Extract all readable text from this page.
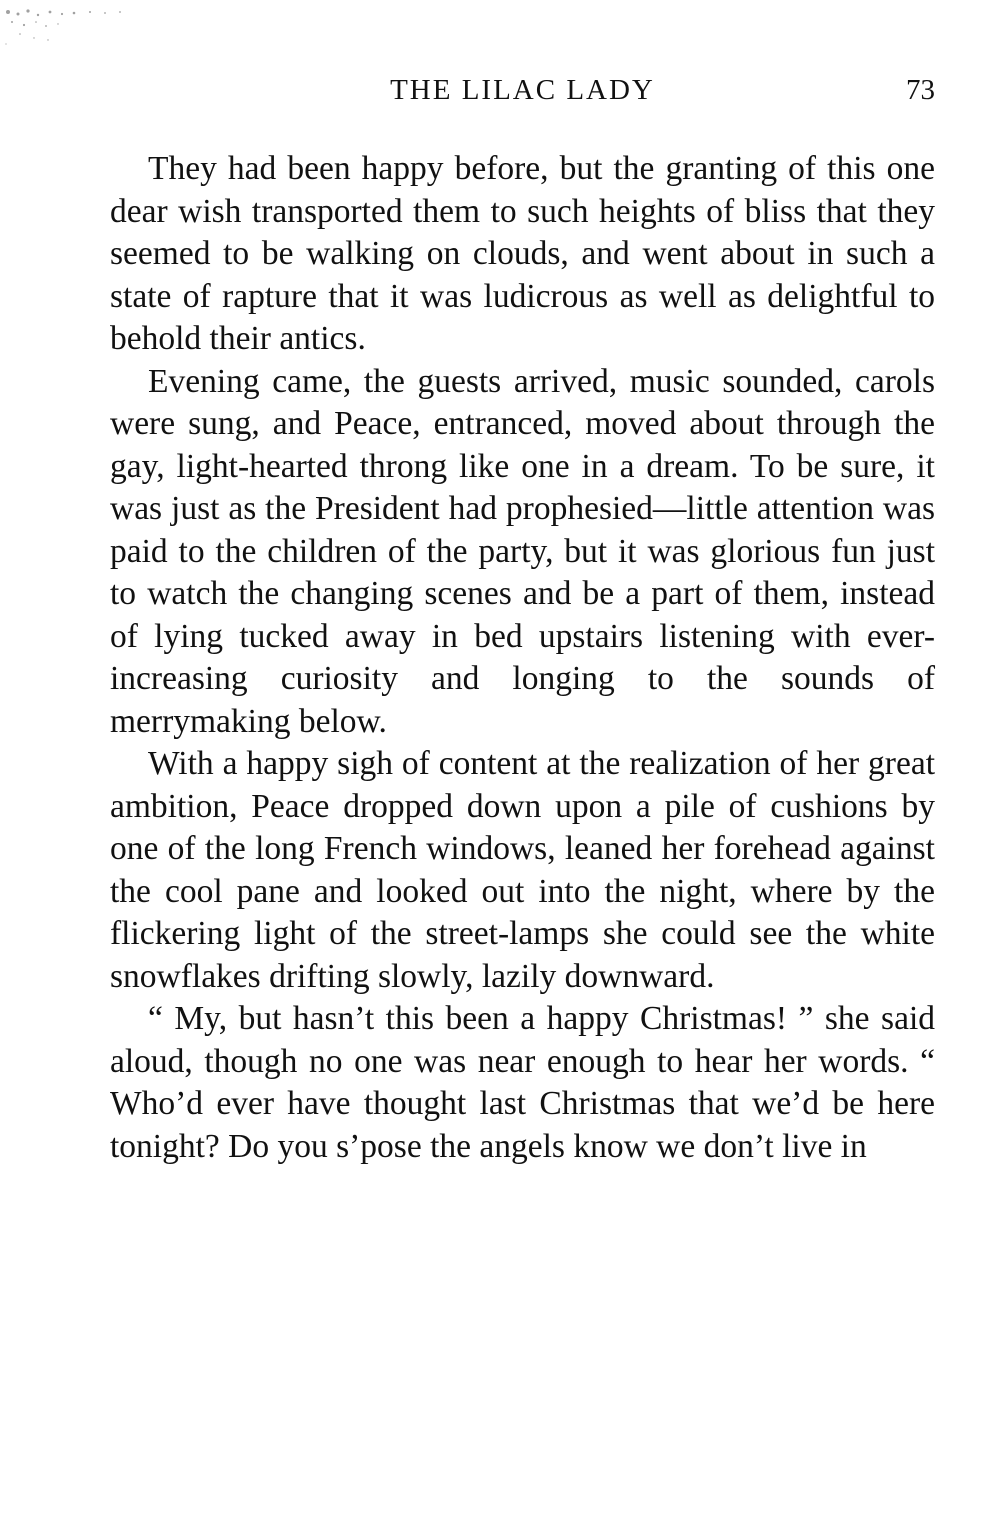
THE LILAC LADY	73

They had been happy before, but the granting of this one dear wish transported them to such heights of bliss that they seemed to be walking on clouds, and went about in such a state of rapture that it was ludicrous as well as delightful to behold their antics.

Evening came, the guests arrived, music sounded, carols were sung, and Peace, entranced, moved about through the gay, light-hearted throng like one in a dream. To be sure, it was just as the President had prophesied—little attention was paid to the children of the party, but it was glorious fun just to watch the changing scenes and be a part of them, instead of lying tucked away in bed upstairs listening with ever-increasing curiosity and longing to the sounds of merrymaking below.

With a happy sigh of content at the realization of her great ambition, Peace dropped down upon a pile of cushions by one of the long French windows, leaned her forehead against the cool pane and looked out into the night, where by the flickering light of the street-lamps she could see the white snowflakes drifting slowly, lazily downward.

“ My, but hasn’t this been a happy Christmas! ” she said aloud, though no one was near enough to hear her words. “ Who’d ever have thought last Christmas that we’d be here tonight? Do you s’pose the angels know we don’t live in
